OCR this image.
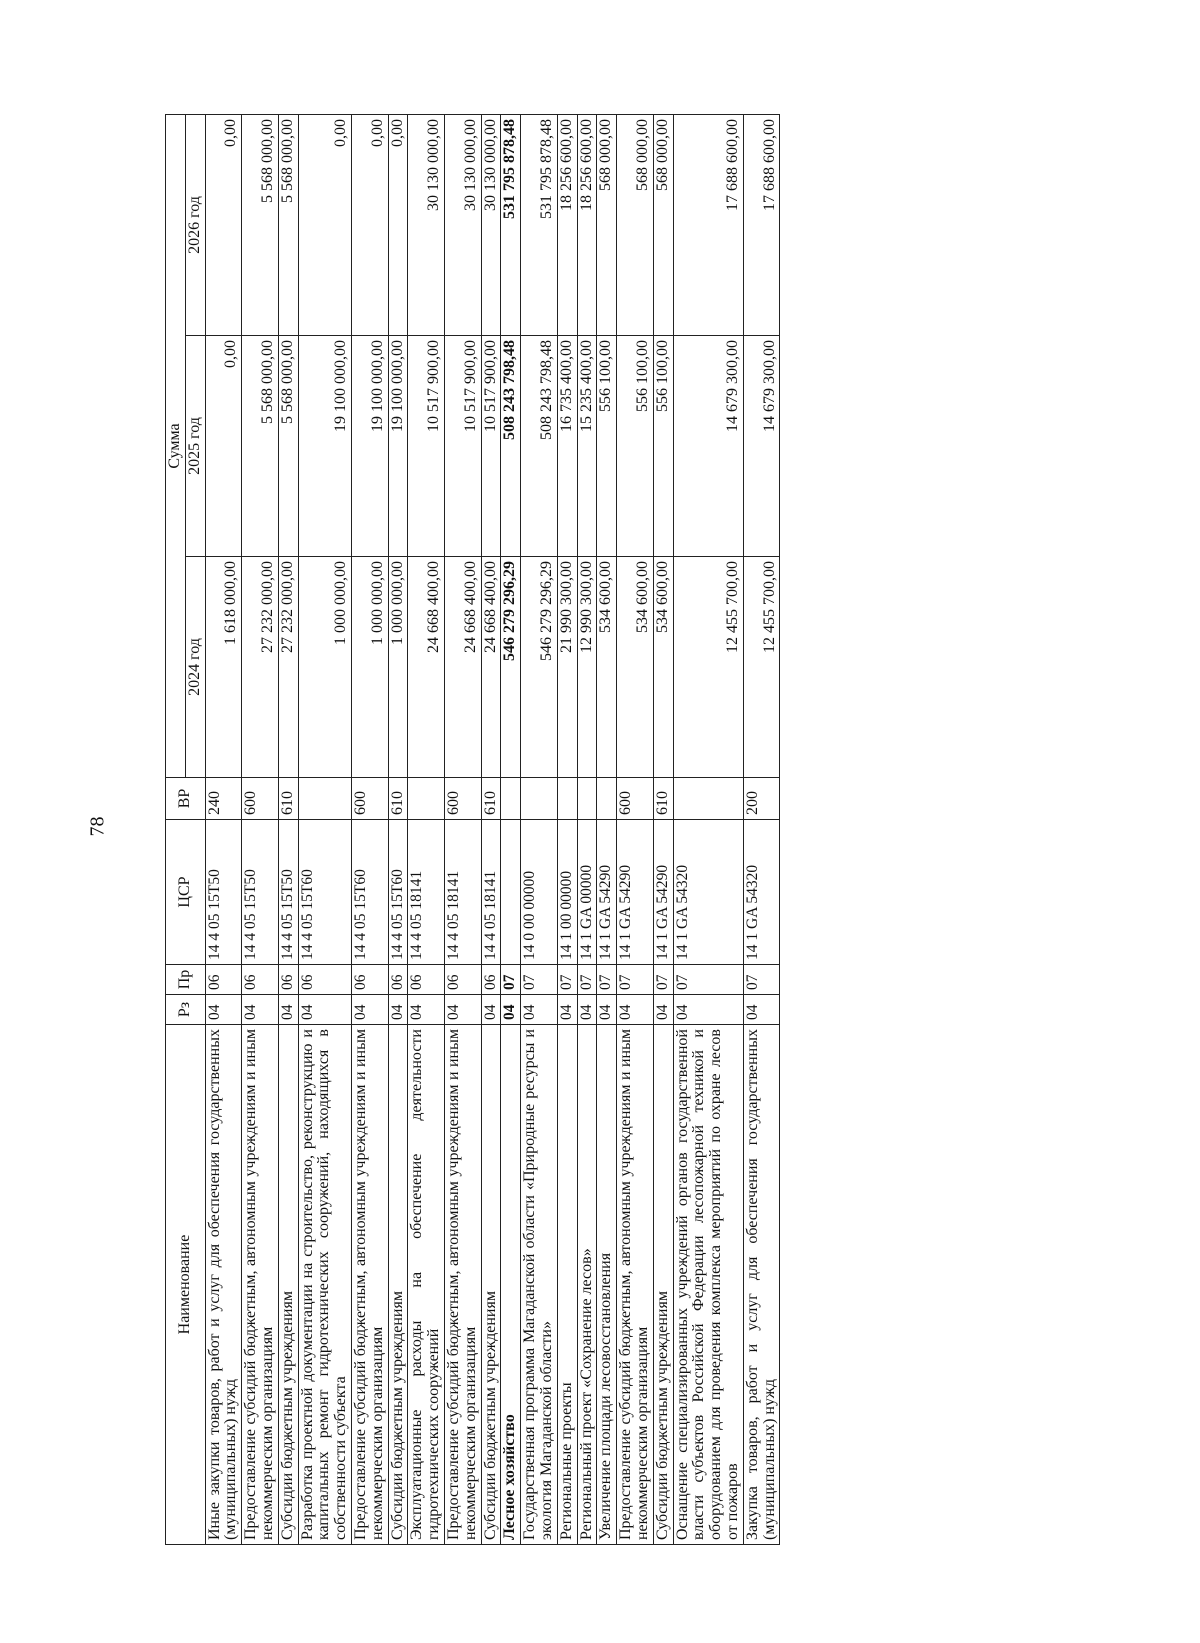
78
Наименование	Рз	Пр	ЦСР	ВР	Сумма		
					2024 год	2025 год	2026 год
Иные закупки товаров, работ и услуг для обеспечения государственных (муниципальных) нужд	04	06	14 4 05 15Т50	240	1 618 000,00	0,00	0,00
Предоставление субсидий бюджетным, автономным учреждениям и иным некоммерческим организациям	04	06	14 4 05 15Т50	600	27 232 000,00	5 568 000,00	5 568 000,00
Субсидии бюджетным учреждениям	04	06	14 4 05 15Т50	610	27 232 000,00	5 568 000,00	5 568 000,00
Разработка проектной документации на строительство, реконструкцию и капитальных ремонт гидротехнических сооружений, находящихся в собственности субъекта	04	06	14 4 05 15Т60		1 000 000,00	19 100 000,00	0,00
Предоставление субсидий бюджетным, автономным учреждениям и иным некоммерческим организациям	04	06	14 4 05 15Т60	600	1 000 000,00	19 100 000,00	0,00
Субсидии бюджетным учреждениям	04	06	14 4 05 15Т60	610	1 000 000,00	19 100 000,00	0,00
Эксплуатационные расходы на обеспечение деятельности гидротехнических сооружений	04	06	14 4 05 18141		24 668 400,00	10 517 900,00	30 130 000,00
Предоставление субсидий бюджетным, автономным учреждениям и иным некоммерческим организациям	04	06	14 4 05 18141	600	24 668 400,00	10 517 900,00	30 130 000,00
Субсидии бюджетным учреждениям	04	06	14 4 05 18141	610	24 668 400,00	10 517 900,00	30 130 000,00
Лесное хозяйство	04	07			546 279 296,29	508 243 798,48	531 795 878,48
Государственная программа Магаданской области «Природные ресурсы и экология Магаданской области»	04	07	14 0 00 00000		546 279 296,29	508 243 798,48	531 795 878,48
Региональные проекты	04	07	14 1 00 00000		21 990 300,00	16 735 400,00	18 256 600,00
Региональный проект «Сохранение лесов»	04	07	14 1 GA 00000		12 990 300,00	15 235 400,00	18 256 600,00
Увеличение площади лесовосстановления	04	07	14 1 GA 54290		534 600,00	556 100,00	568 000,00
Предоставление субсидий бюджетным, автономным учреждениям и иным некоммерческим организациям	04	07	14 1 GA 54290	600	534 600,00	556 100,00	568 000,00
Субсидии бюджетным учреждениям	04	07	14 1 GA 54290	610	534 600,00	556 100,00	568 000,00
Оснащение специализированных учреждений органов государственной власти субъектов Российской Федерации лесопожарной техникой и оборудованием для проведения комплекса мероприятий по охране лесов от пожаров	04	07	14 1 GA 54320		12 455 700,00	14 679 300,00	17 688 600,00
Закупка товаров, работ и услуг для обеспечения государственных (муниципальных) нужд	04	07	14 1 GA 54320	200	12 455 700,00	14 679 300,00	17 688 600,00
